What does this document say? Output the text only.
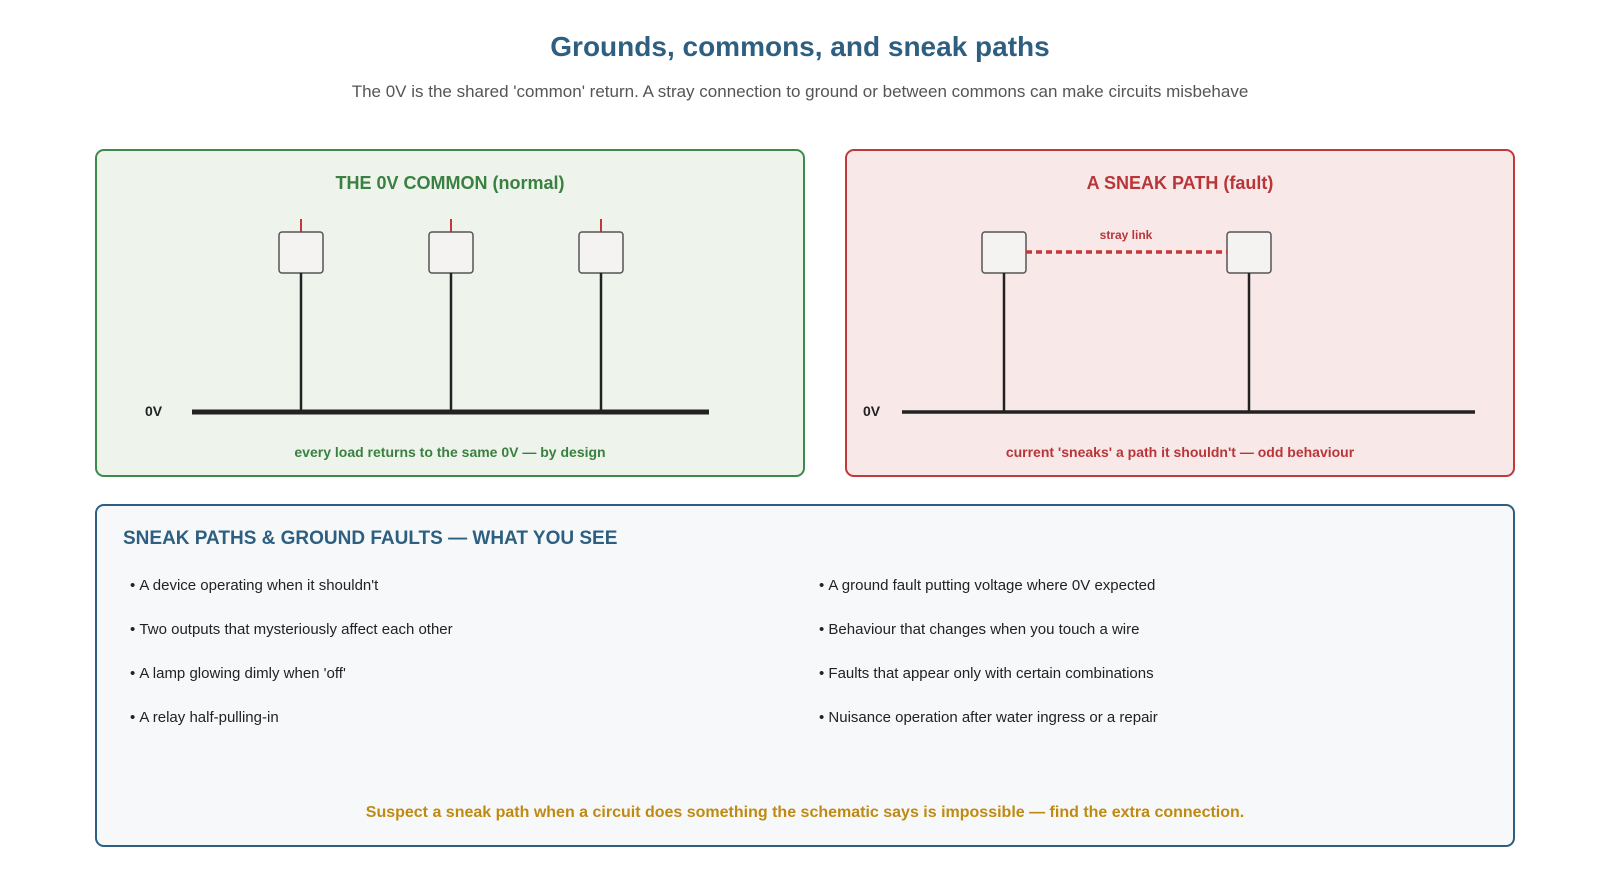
Grounds, commons, and sneak paths
The 0V is the shared 'common' return. A stray connection to ground or between commons can make circuits misbehave
THE 0V COMMON (normal)
0V
every load returns to the same 0V — by design
A SNEAK PATH (fault)
stray link
0V
current 'sneaks' a path it shouldn't — odd behaviour
SNEAK PATHS & GROUND FAULTS — WHAT YOU SEE
• A device operating when it shouldn't
• Two outputs that mysteriously affect each other
• A lamp glowing dimly when 'off'
• A relay half-pulling-in
• A ground fault putting voltage where 0V expected
• Behaviour that changes when you touch a wire
• Faults that appear only with certain combinations
• Nuisance operation after water ingress or a repair
Suspect a sneak path when a circuit does something the schematic says is impossible — find the extra connection.
